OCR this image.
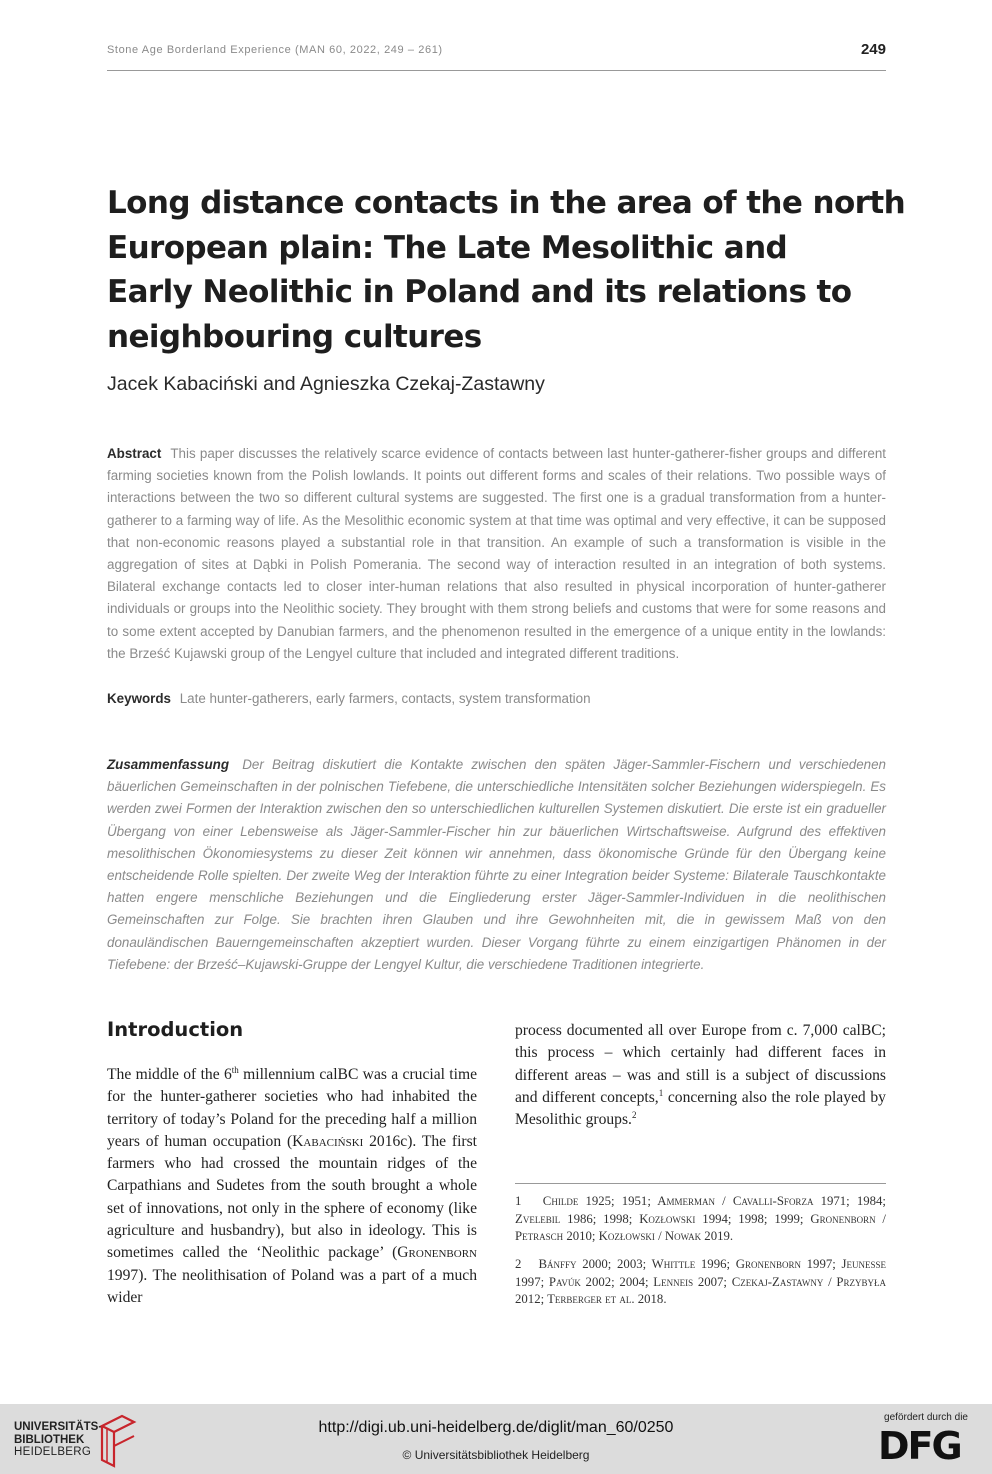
Stone Age Borderland Experience (MAN 60, 2022, 249 – 261)	249
Long distance contacts in the area of the north
European plain: The Late Mesolithic and
Early Neolithic in Poland and its relations to
neighbouring cultures
Jacek Kabaciński and Agnieszka Czekaj-Zastawny

Abstract This paper discusses the relatively scarce evidence of contacts between last hunter-gatherer-fisher groups and different farming societies known from the Polish lowlands. It points out different forms and scales of their relations. Two possible ways of interactions between the two so different cultural systems are suggested. The first one is a gradual transformation from a hunter-gatherer to a farming way of life. As the Mesolithic economic system at that time was optimal and very effective, it can be supposed that non-economic reasons played a substantial role in that transition. An example of such a transformation is visible in the aggregation of sites at Dąbki in Polish Pomerania. The second way of interaction resulted in an integration of both systems. Bilateral exchange contacts led to closer inter-human relations that also resulted in physical incorporation of hunter-gatherer individuals or groups into the Neolithic society. They brought with them strong beliefs and customs that were for some reasons and to some extent accepted by Danubian farmers, and the phenomenon resulted in the emergence of a unique entity in the lowlands: the Brześć Kujawski group of the Lengyel culture that included and integrated different traditions.

Keywords Late hunter-gatherers, early farmers, contacts, system transformation

Zusammenfassung Der Beitrag diskutiert die Kontakte zwischen den späten Jäger-Sammler-Fischern und verschiedenen bäuerlichen Gemeinschaften in der polnischen Tiefebene, die unterschiedliche Intensitäten solcher Beziehungen widerspiegeln. Es werden zwei Formen der Interaktion zwischen den so unterschiedlichen kulturellen Systemen diskutiert. Die erste ist ein gradueller Übergang von einer Lebensweise als Jäger-Sammler-Fischer hin zur bäuerlichen Wirtschaftsweise. Aufgrund des effektiven mesolithischen Ökonomiesystems zu dieser Zeit können wir annehmen, dass ökonomische Gründe für den Übergang keine entscheidende Rolle spielten. Der zweite Weg der Interaktion führte zu einer Integration beider Systeme: Bilaterale Tauschkontakte hatten engere menschliche Beziehungen und die Eingliederung erster Jäger-Sammler-Individuen in die neolithischen Gemeinschaften zur Folge. Sie brachten ihren Glauben und ihre Gewohnheiten mit, die in gewissem Maß von den donauländischen Bauerngemeinschaften akzeptiert wurden. Dieser Vorgang führte zu einem einzigartigen Phänomen in der Tiefebene: der Brześć–Kujawski-Gruppe der Lengyel Kultur, die verschiedene Traditionen integrierte.

Introduction

The middle of the 6th millennium calBC was a crucial time for the hunter-gatherer societies who had inhabited the territory of today’s Poland for the preceding half a million years of human occupation (Kabaciński 2016c). The first farmers who had crossed the mountain ridges of the Carpathians and Sudetes from the south brought a whole set of innovations, not only in the sphere of economy (like agriculture and husbandry), but also in ideology. This is sometimes called the ‘Neolithic package’ (Gronenborn 1997). The neolithisation of Poland was a part of a much wider

process documented all over Europe from c. 7,000 calBC; this process – which certainly had different faces in different areas – was and still is a subject of discussions and different concepts,$^1$ concerning also the role played by Mesolithic groups.$^2$

1 Childe 1925; 1951; Ammerman / Cavalli-Sforza 1971; 1984; Zvelebil 1986; 1998; Kozłowski 1994; 1998; 1999; Gronenborn / Petrasch 2010; Kozłowski / Nowak 2019.

2 Bánffy 2000; 2003; Whittle 1996; Gronenborn 1997; Jeunesse 1997; Pavúk 2002; 2004; Lenneis 2007; Czekaj-Zastawny / Przybyła 2012; Terberger et al. 2018.

UNIVERSITÄTS-
BIBLIOTHEK
HEIDELBERG
http://digi.ub.uni-heidelberg.de/diglit/man_60/0250
© Universitätsbibliothek Heidelberg
gefördert durch die
DFG
